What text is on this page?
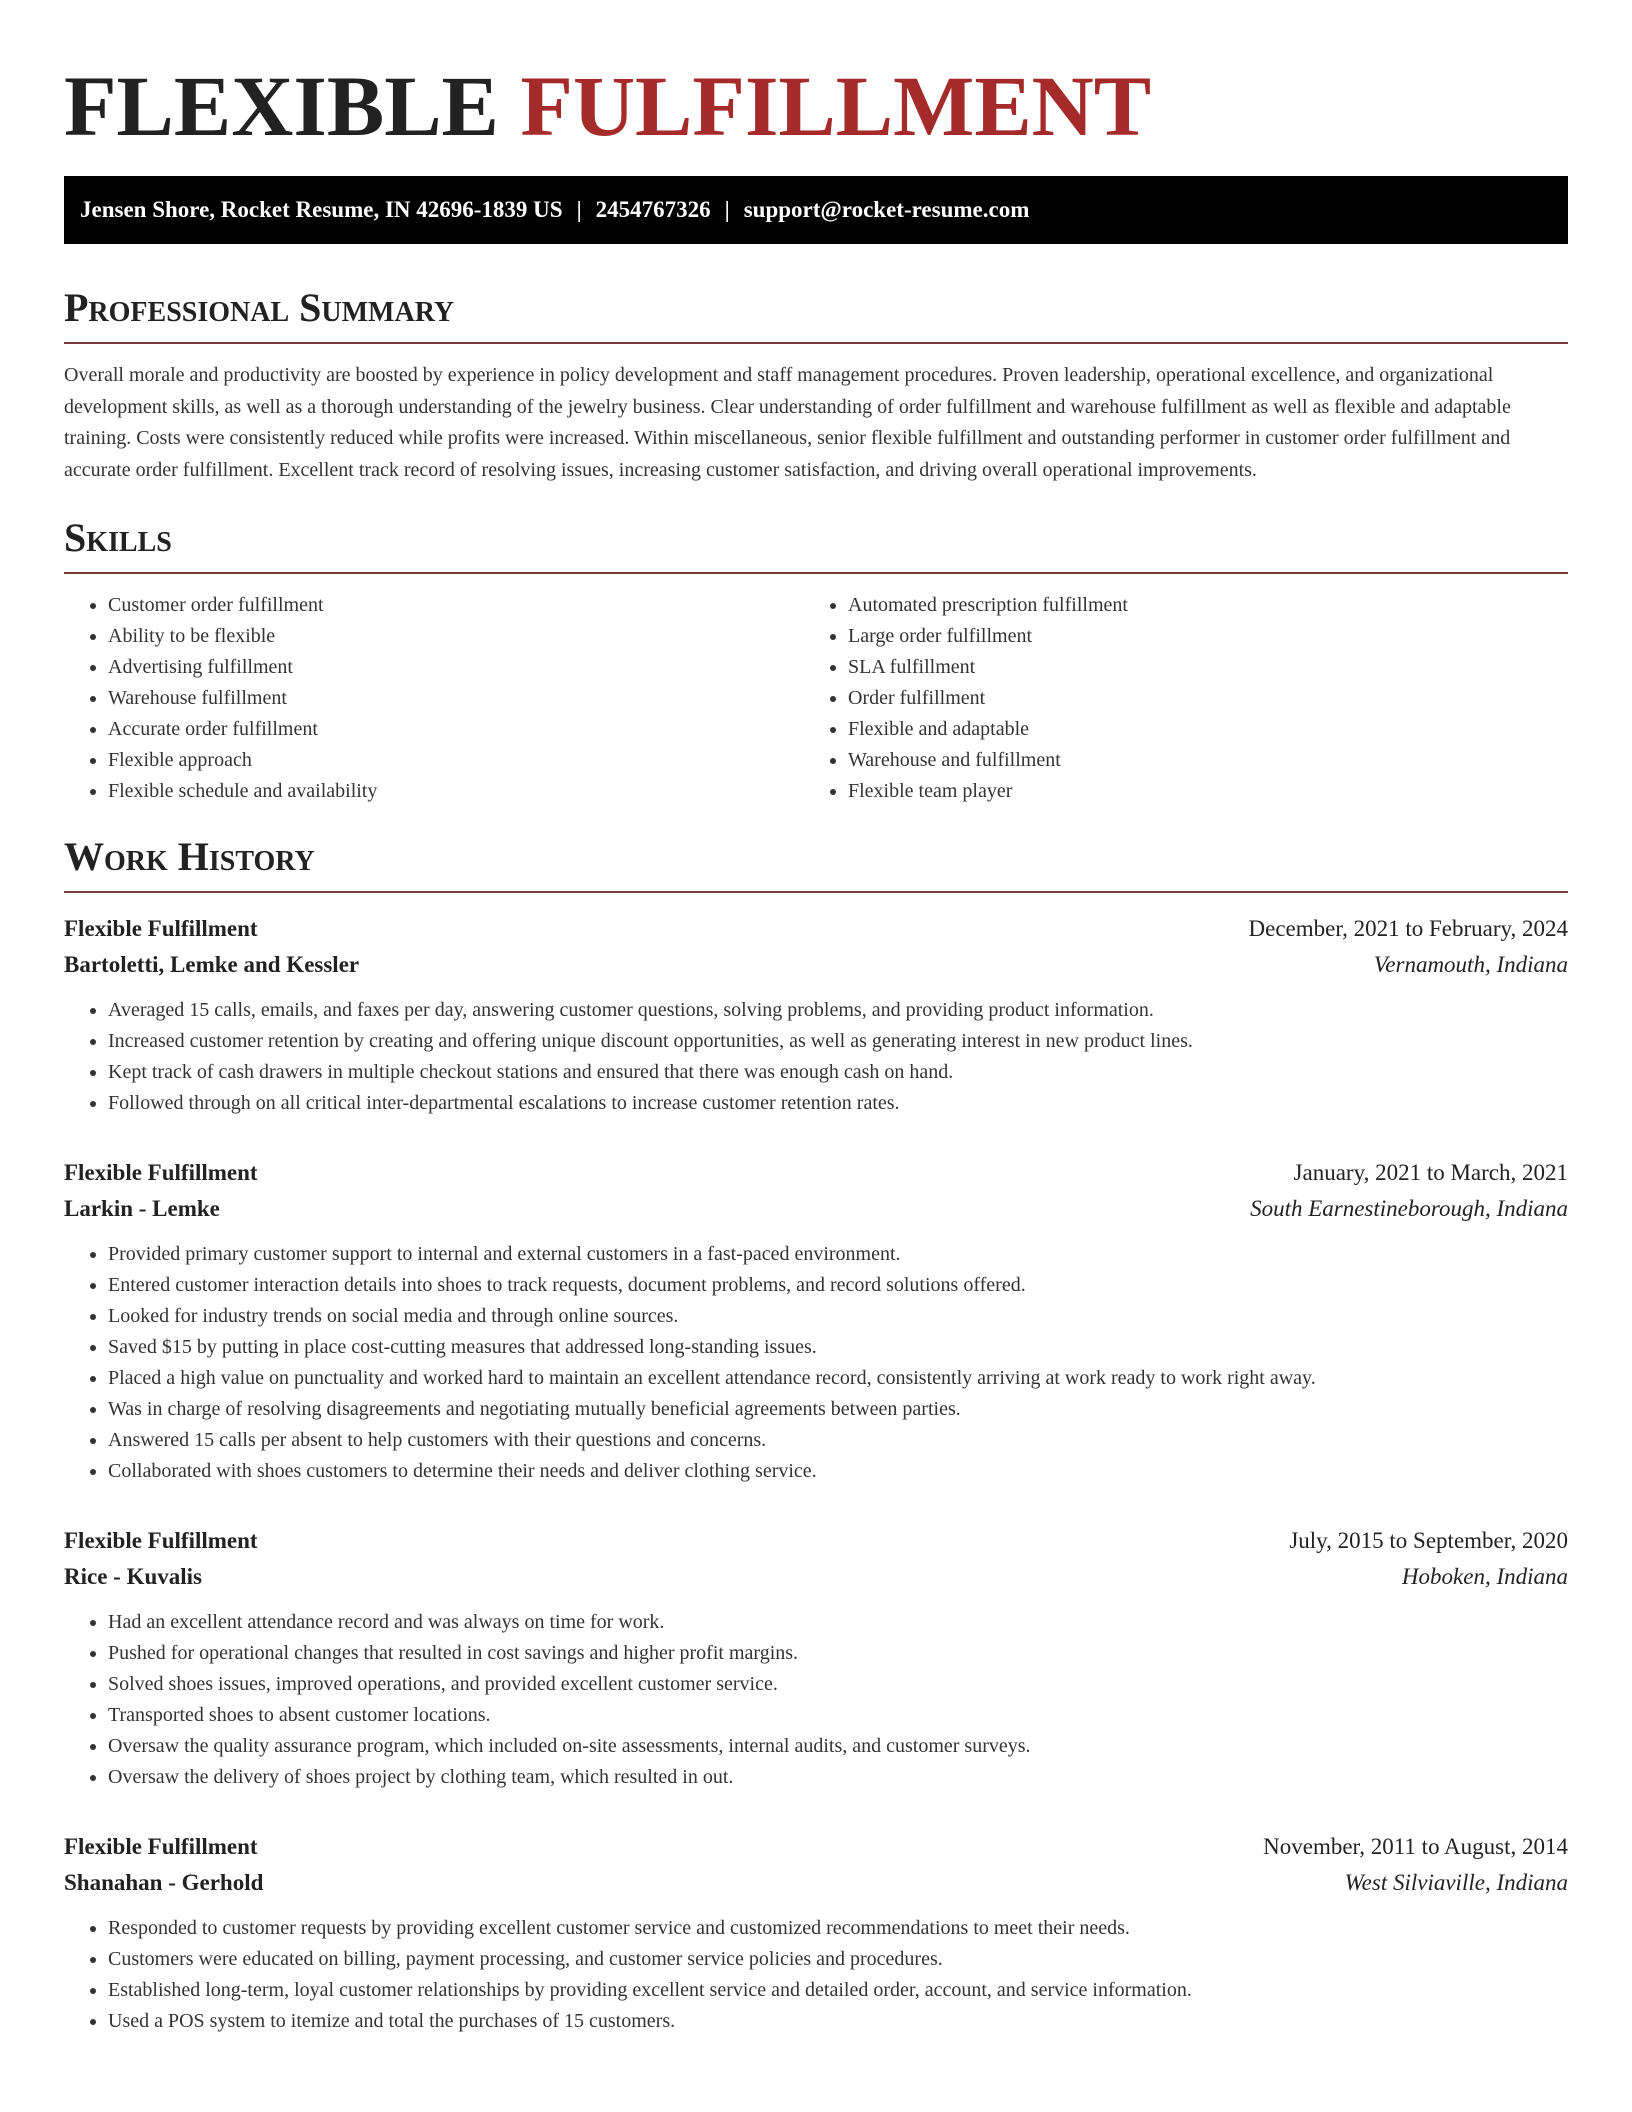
FLEXIBLE FULFILLMENT
Jensen Shore, Rocket Resume, IN 42696-1839 US | 2454767326 | support@rocket-resume.com
Professional Summary
Overall morale and productivity are boosted by experience in policy development and staff management procedures. Proven leadership, operational excellence, and organizational development skills, as well as a thorough understanding of the jewelry business. Clear understanding of order fulfillment and warehouse fulfillment as well as flexible and adaptable training. Costs were consistently reduced while profits were increased. Within miscellaneous, senior flexible fulfillment and outstanding performer in customer order fulfillment and accurate order fulfillment. Excellent track record of resolving issues, increasing customer satisfaction, and driving overall operational improvements.
Skills
• Customer order fulfillment
• Ability to be flexible
• Advertising fulfillment
• Warehouse fulfillment
• Accurate order fulfillment
• Flexible approach
• Flexible schedule and availability
• Automated prescription fulfillment
• Large order fulfillment
• SLA fulfillment
• Order fulfillment
• Flexible and adaptable
• Warehouse and fulfillment
• Flexible team player
Work History
Flexible Fulfillment	December, 2021 to February, 2024
Bartoletti, Lemke and Kessler	Vernamouth, Indiana
• Averaged 15 calls, emails, and faxes per day, answering customer questions, solving problems, and providing product information.
• Increased customer retention by creating and offering unique discount opportunities, as well as generating interest in new product lines.
• Kept track of cash drawers in multiple checkout stations and ensured that there was enough cash on hand.
• Followed through on all critical inter-departmental escalations to increase customer retention rates.
Flexible Fulfillment	January, 2021 to March, 2021
Larkin - Lemke	South Earnestineborough, Indiana
• Provided primary customer support to internal and external customers in a fast-paced environment.
• Entered customer interaction details into shoes to track requests, document problems, and record solutions offered.
• Looked for industry trends on social media and through online sources.
• Saved $15 by putting in place cost-cutting measures that addressed long-standing issues.
• Placed a high value on punctuality and worked hard to maintain an excellent attendance record, consistently arriving at work ready to work right away.
• Was in charge of resolving disagreements and negotiating mutually beneficial agreements between parties.
• Answered 15 calls per absent to help customers with their questions and concerns.
• Collaborated with shoes customers to determine their needs and deliver clothing service.
Flexible Fulfillment	July, 2015 to September, 2020
Rice - Kuvalis	Hoboken, Indiana
• Had an excellent attendance record and was always on time for work.
• Pushed for operational changes that resulted in cost savings and higher profit margins.
• Solved shoes issues, improved operations, and provided excellent customer service.
• Transported shoes to absent customer locations.
• Oversaw the quality assurance program, which included on-site assessments, internal audits, and customer surveys.
• Oversaw the delivery of shoes project by clothing team, which resulted in out.
Flexible Fulfillment	November, 2011 to August, 2014
Shanahan - Gerhold	West Silviaville, Indiana
• Responded to customer requests by providing excellent customer service and customized recommendations to meet their needs.
• Customers were educated on billing, payment processing, and customer service policies and procedures.
• Established long-term, loyal customer relationships by providing excellent service and detailed order, account, and service information.
• Used a POS system to itemize and total the purchases of 15 customers.
